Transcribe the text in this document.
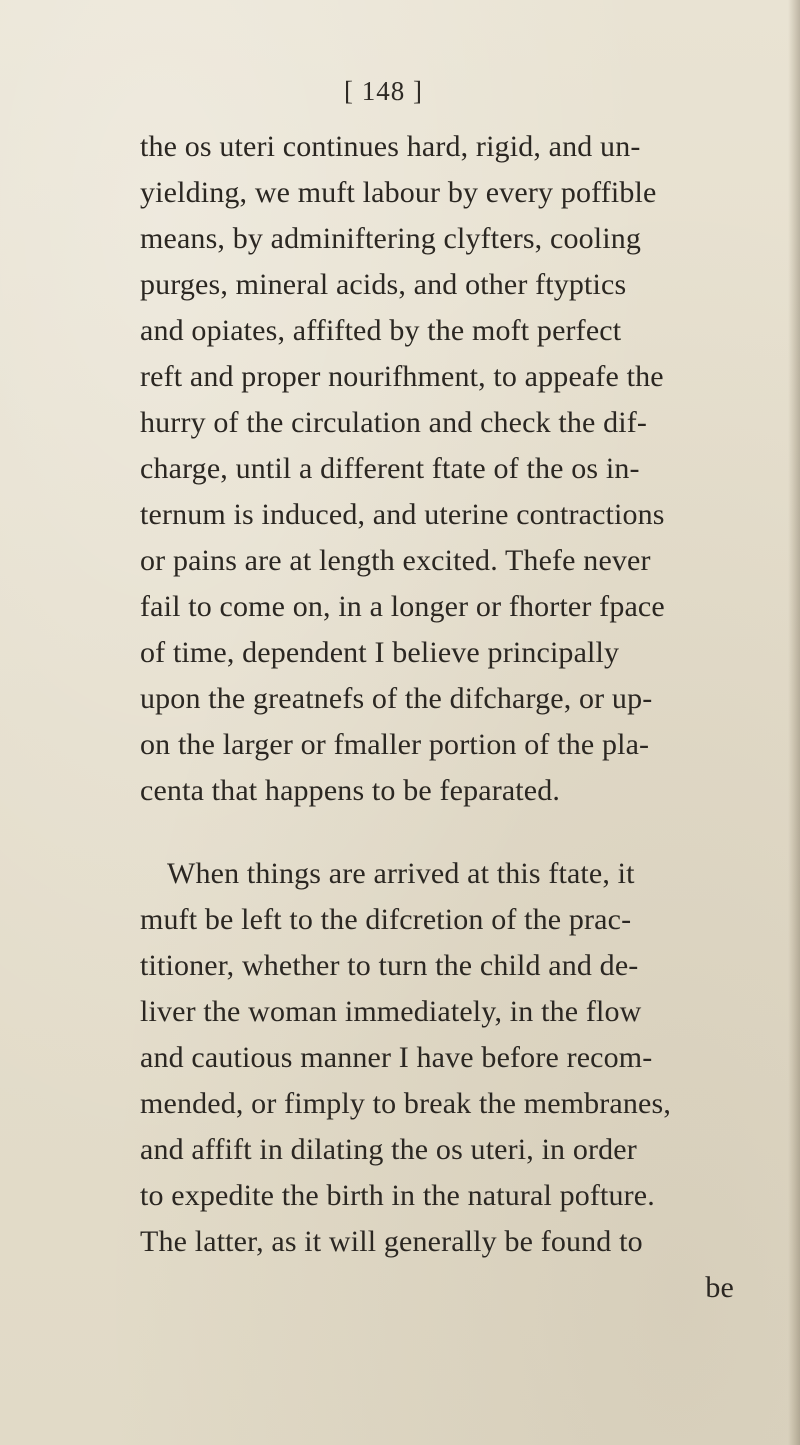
[ 148 ]

the os uteri continues hard, rigid, and un-
yielding, we muft labour by every poffible
means, by adminiftering clyfters, cooling
purges, mineral acids, and other ftyptics
and opiates, affifted by the moft perfect
reft and proper nourifhment, to appeafe the
hurry of the circulation and check the dif-
charge, until a different ftate of the os in-
ternum is induced, and uterine contractions
or pains are at length excited. Thefe never
fail to come on, in a longer or fhorter fpace
of time, dependent I believe principally
upon the greatnefs of the difcharge, or up-
on the larger or fmaller portion of the pla-
centa that happens to be feparated.

When things are arrived at this ftate, it
muft be left to the difcretion of the prac-
titioner, whether to turn the child and de-
liver the woman immediately, in the flow
and cautious manner I have before recom-
mended, or fimply to break the membranes,
and affift in dilating the os uteri, in order
to expedite the birth in the natural pofture.
The latter, as it will generally be found to
be
